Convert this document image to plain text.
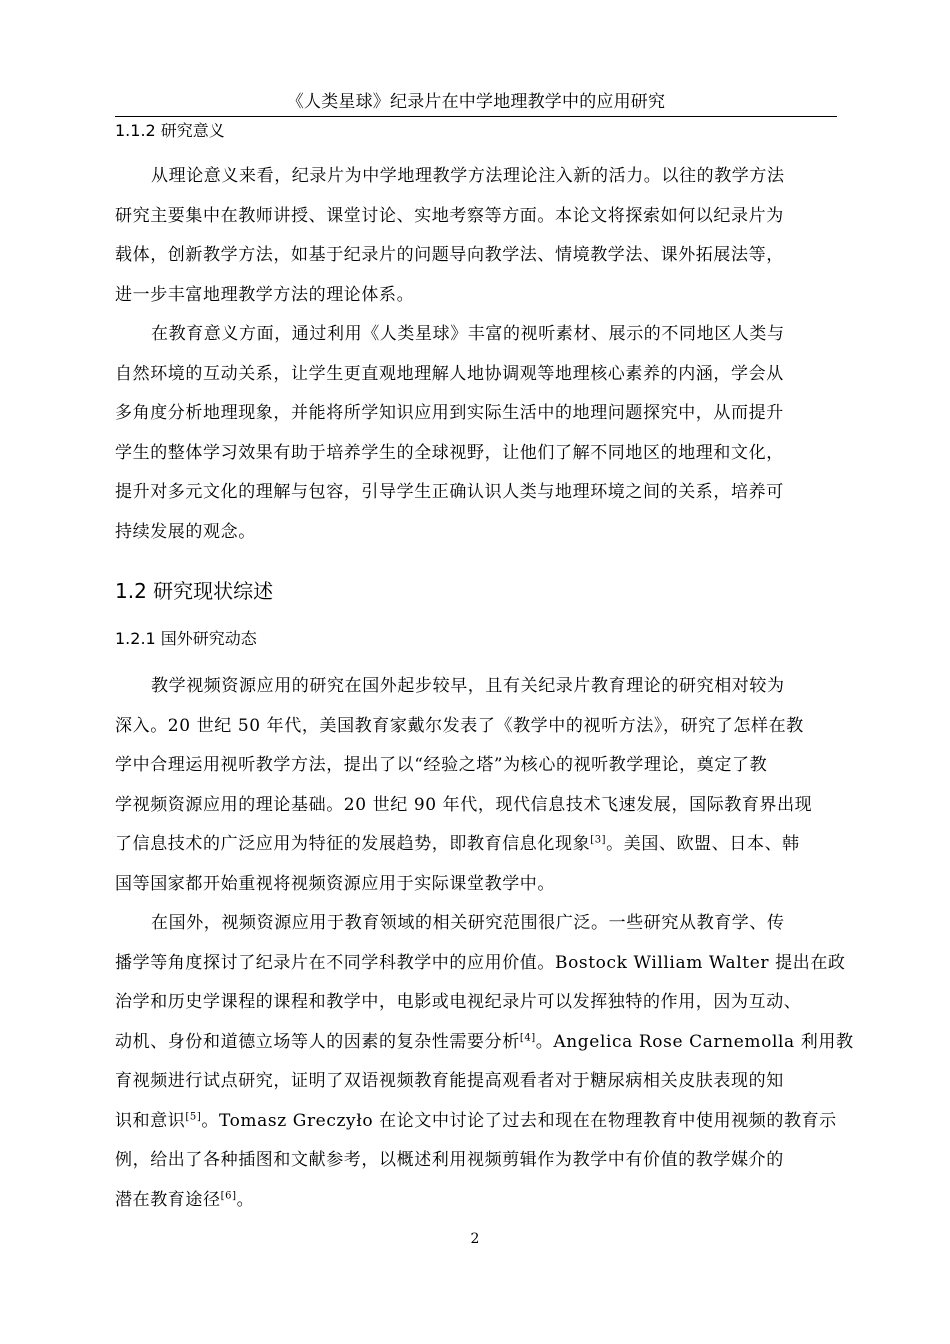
《人类星球》纪录片在中学地理教学中的应用研究
1.1.2 研究意义
从理论意义来看，纪录片为中学地理教学方法理论注入新的活力。以往的教学方法
研究主要集中在教师讲授、课堂讨论、实地考察等方面。本论文将探索如何以纪录片为
载体，创新教学方法，如基于纪录片的问题导向教学法、情境教学法、课外拓展法等，
进一步丰富地理教学方法的理论体系。
在教育意义方面，通过利用《人类星球》丰富的视听素材、展示的不同地区人类与
自然环境的互动关系，让学生更直观地理解人地协调观等地理核心素养的内涵，学会从
多角度分析地理现象，并能将所学知识应用到实际生活中的地理问题探究中，从而提升
学生的整体学习效果有助于培养学生的全球视野，让他们了解不同地区的地理和文化，
提升对多元文化的理解与包容，引导学生正确认识人类与地理环境之间的关系，培养可
持续发展的观念。
1.2 研究现状综述
1.2.1 国外研究动态
教学视频资源应用的研究在国外起步较早，且有关纪录片教育理论的研究相对较为
深入。20 世纪 50 年代，美国教育家戴尔发表了《教学中的视听方法》，研究了怎样在教
学中合理运用视听教学方法，提出了以“经验之塔”为核心的视听教学理论，奠定了教
学视频资源应用的理论基础。20 世纪 90 年代，现代信息技术飞速发展，国际教育界出现
了信息技术的广泛应用为特征的发展趋势，即教育信息化现象[3]。美国、欧盟、日本、韩
国等国家都开始重视将视频资源应用于实际课堂教学中。
在国外，视频资源应用于教育领域的相关研究范围很广泛。一些研究从教育学、传
播学等角度探讨了纪录片在不同学科教学中的应用价值。Bostock William Walter 提出在政
治学和历史学课程的课程和教学中，电影或电视纪录片可以发挥独特的作用，因为互动、
动机、身份和道德立场等人的因素的复杂性需要分析[4]。Angelica Rose Carnemolla 利用教
育视频进行试点研究，证明了双语视频教育能提高观看者对于糖尿病相关皮肤表现的知
识和意识[5]。Tomasz Greczyło 在论文中讨论了过去和现在在物理教育中使用视频的教育示
例，给出了各种插图和文献参考，以概述利用视频剪辑作为教学中有价值的教学媒介的
潜在教育途径[6]。
2
